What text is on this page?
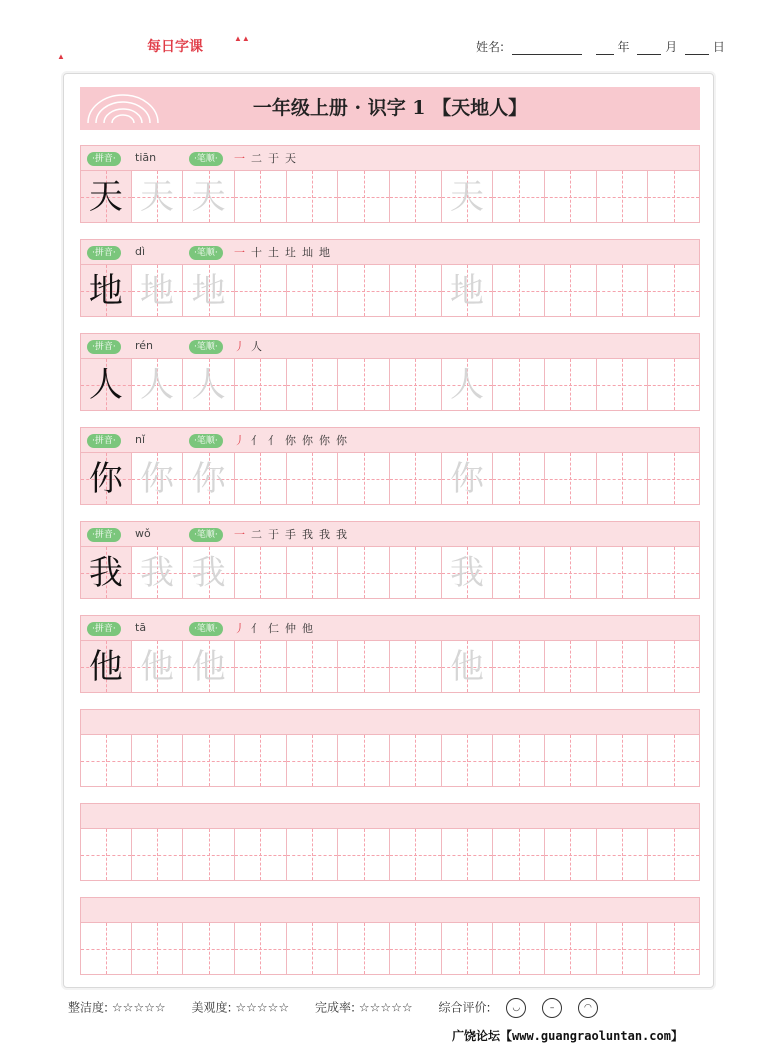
▲
每日字课
▲▲
姓名:	年	月	日
一年级上册 · 识字 1 【天地人】
·拼音·	tiān	·笔顺·	一二于天
天 天 天	天
·拼音·	dì	·笔顺·	一十土圵圸地
地 地 地	地
·拼音·	rén	·笔顺·	丿人
人 人 人	人
·拼音·	nǐ	·笔顺·	丿亻亻你你你你
你 你 你	你
·拼音·	wǒ	·笔顺·	一二于手我我我
我 我 我	我
·拼音·	tā	·笔顺·	丿亻仁仲他
他 他 他	他
整洁度: ☆☆☆☆☆ 美观度: ☆☆☆☆☆ 完成率: ☆☆☆☆☆ 综合评价: ◡	–	◠
广饶论坛【www.guangraoluntan.com】
